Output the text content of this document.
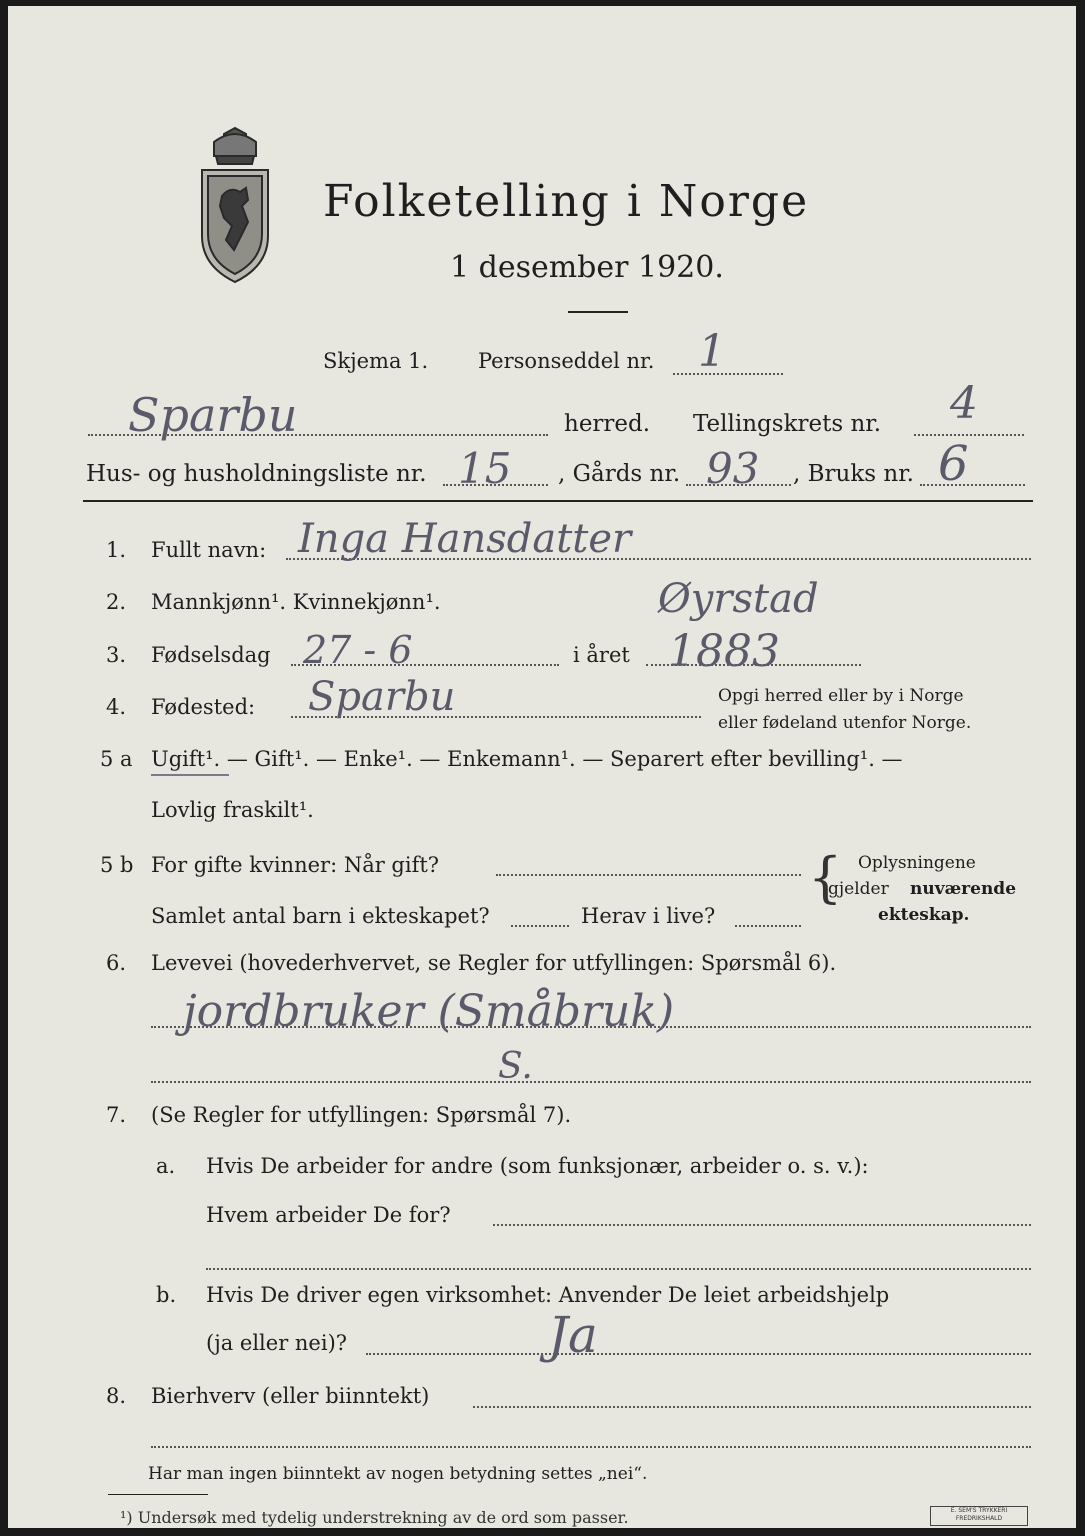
Folketelling i Norge
1 desember 1920.
Skjema 1. Personseddel nr. 1
Sparbu	herred. Tellingskrets nr. 4
Hus- og husholdningsliste nr. 15 , Gårds nr. 93 , Bruks nr. 6
1. Fullt navn: Inga Hansdatter
2. Mannkjønn¹. Kvinnekjønn¹.	Øyrstad
3. Fødselsdag 27 - 6	i året 1883
4. Fødested: Sparbu	Opgi herred eller by i Norge
eller fødeland utenfor Norge.
5 a Ugift¹. — Gift¹. — Enke¹. — Enkemann¹. — Separert efter bevilling¹. —
Lovlig fraskilt¹.
5 b For gifte kvinner: Når gift?
Samlet antal barn i ekteskapet?	Herav i live?
{ Oplysningene
gjelder nuværende
ekteskap.
6. Levevei (hovederhvervet, se Regler for utfyllingen: Spørsmål 6).
jordbruker (Småbruk)
S.
7. (Se Regler for utfyllingen: Spørsmål 7).
a. Hvis De arbeider for andre (som funksjonær, arbeider o. s. v.):
Hvem arbeider De for?
b. Hvis De driver egen virksomhet: Anvender De leiet arbeidshjelp
(ja eller nei)?	Ja
8. Bierhverv (eller biinntekt)
Har man ingen biinntekt av nogen betydning settes „nei“.
¹) Undersøk med tydelig understrekning av de ord som passer.	E. SEM'S TRYKKERI
FREDRIKSHALD
